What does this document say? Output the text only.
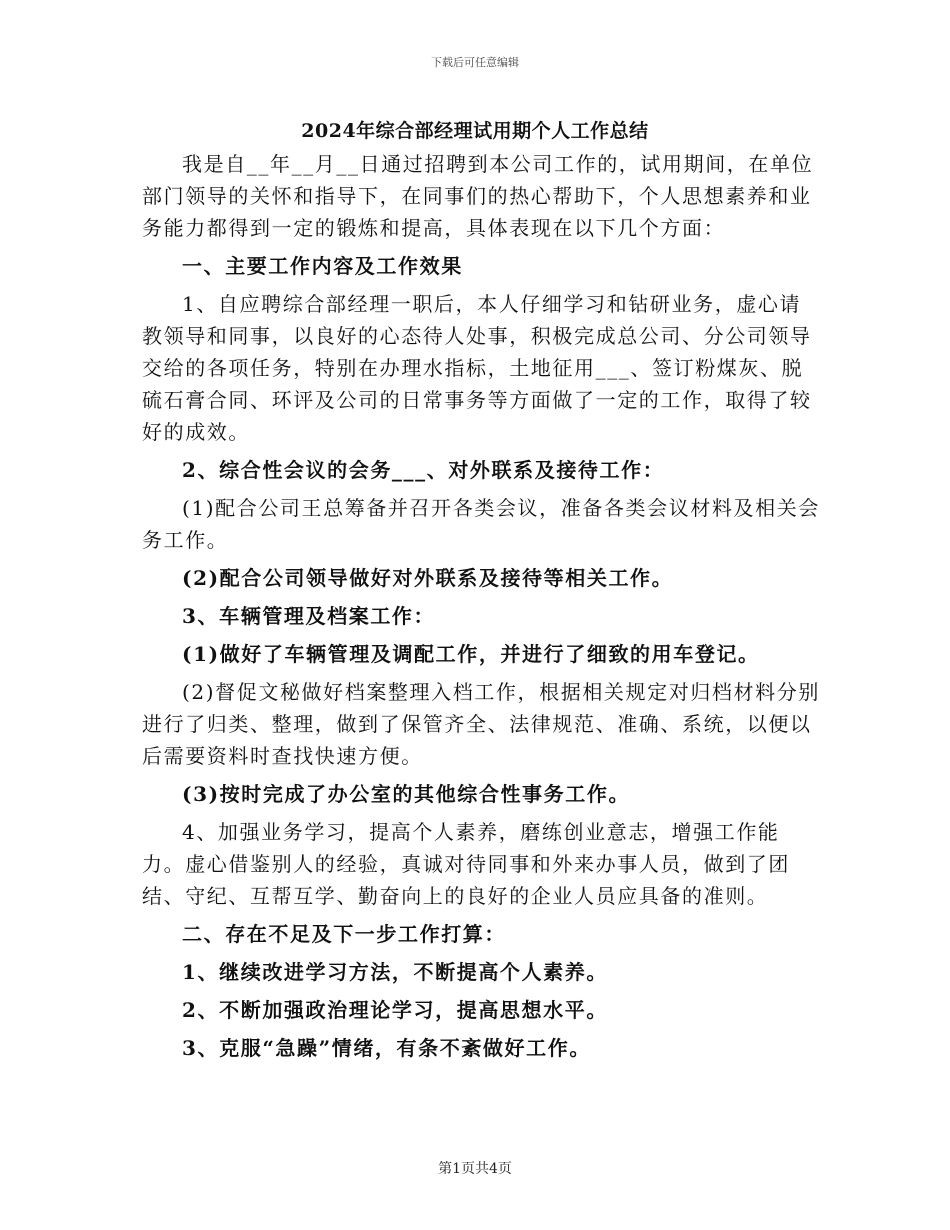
下载后可任意编辑
2024年综合部经理试用期个人工作总结

我是自__年__月__日通过招聘到本公司工作的，试用期间，在单位部门领导的关怀和指导下，在同事们的热心帮助下，个人思想素养和业务能力都得到一定的锻炼和提高，具体表现在以下几个方面：

一、主要工作内容及工作效果

1、自应聘综合部经理一职后，本人仔细学习和钻研业务，虚心请教领导和同事，以良好的心态待人处事，积极完成总公司、分公司领导交给的各项任务，特别在办理水指标，土地征用___、签订粉煤灰、脱硫石膏合同、环评及公司的日常事务等方面做了一定的工作，取得了较好的成效。

2、综合性会议的会务___、对外联系及接待工作：

(1)配合公司王总筹备并召开各类会议，准备各类会议材料及相关会务工作。

(2)配合公司领导做好对外联系及接待等相关工作。

3、车辆管理及档案工作：

(1)做好了车辆管理及调配工作，并进行了细致的用车登记。

(2)督促文秘做好档案整理入档工作，根据相关规定对归档材料分别进行了归类、整理，做到了保管齐全、法律规范、准确、系统，以便以后需要资料时查找快速方便。

(3)按时完成了办公室的其他综合性事务工作。

4、加强业务学习，提高个人素养，磨练创业意志，增强工作能力。虚心借鉴别人的经验，真诚对待同事和外来办事人员，做到了团结、守纪、互帮互学、勤奋向上的良好的企业人员应具备的准则。

二、存在不足及下一步工作打算：

1、继续改进学习方法，不断提高个人素养。

2、不断加强政治理论学习，提高思想水平。

3、克服“急躁”情绪，有条不紊做好工作。

第1页共4页
